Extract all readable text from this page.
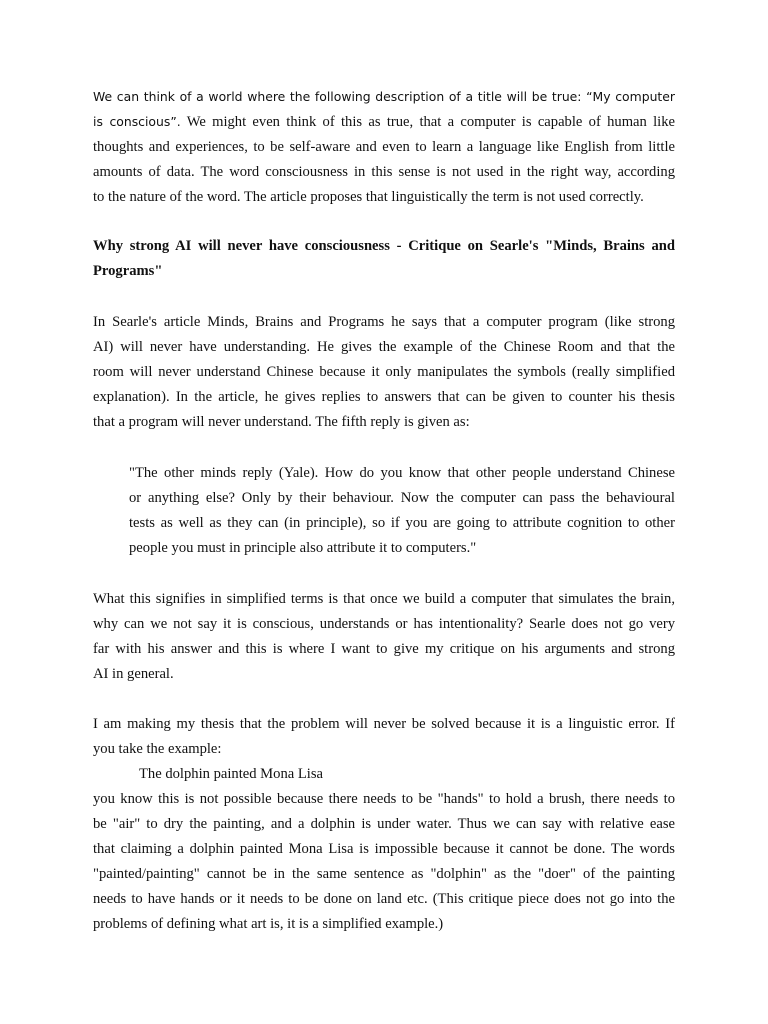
We can think of a world where the following description of a title will be true: “My computer
is conscious”. We might even think of this as true, that a computer is capable of human like
thoughts and experiences, to be self-aware and even to learn a language like English from little
amounts of data. The word consciousness in this sense is not used in the right way, according
to the nature of the word. The article proposes that linguistically the term is not used correctly.
Why strong AI will never have consciousness - Critique on Searle's "Minds, Brains and
Programs"
In Searle's article Minds, Brains and Programs he says that a computer program (like strong
AI) will never have understanding. He gives the example of the Chinese Room and that the
room will never understand Chinese because it only manipulates the symbols (really simplified
explanation). In the article, he gives replies to answers that can be given to counter his thesis
that a program will never understand. The fifth reply is given as:
"The other minds reply (Yale). How do you know that other people understand Chinese
or anything else? Only by their behaviour. Now the computer can pass the behavioural
tests as well as they can (in principle), so if you are going to attribute cognition to other
people you must in principle also attribute it to computers."
What this signifies in simplified terms is that once we build a computer that simulates the brain,
why can we not say it is conscious, understands or has intentionality? Searle does not go very
far with his answer and this is where I want to give my critique on his arguments and strong
AI in general.
I am making my thesis that the problem will never be solved because it is a linguistic error. If
you take the example:

The dolphin painted Mona Lisa

you know this is not possible because there needs to be "hands" to hold a brush, there needs to
be "air" to dry the painting, and a dolphin is under water. Thus we can say with relative ease
that claiming a dolphin painted Mona Lisa is impossible because it cannot be done. The words
"painted/painting" cannot be in the same sentence as "dolphin" as the "doer" of the painting
needs to have hands or it needs to be done on land etc. (This critique piece does not go into the
problems of defining what art is, it is a simplified example.)
